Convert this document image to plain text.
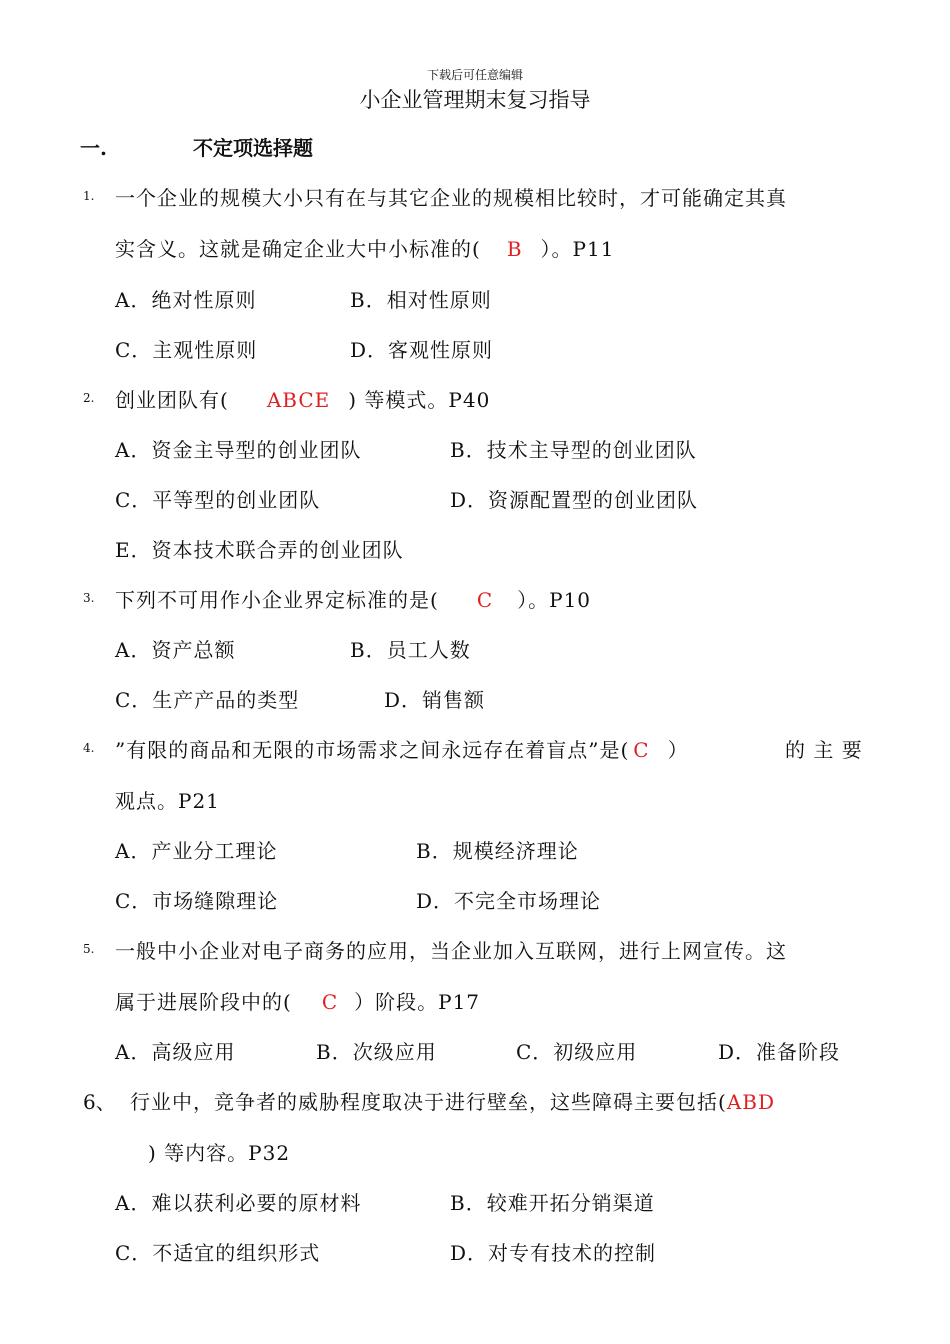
下载后可任意编辑
小企业管理期末复习指导
一.	不定项选择题
1. 一个企业的规模大小只有在与其它企业的规模相比较时，才可能确定其真
实含义。这就是确定企业大中小标准的( B ）。P11
A．绝对性原则	B．相对性原则
C．主观性原则	D．客观性原则
2. 创业团队有( ABCE ) 等模式。P40
A．资金主导型的创业团队	B．技术主导型的创业团队
C．平等型的创业团队	D．资源配置型的创业团队
E．资本技术联合弄的创业团队
3. 下列不可用作小企业界定标准的是( C ）。P10
A．资产总额	B．员工人数
C．生产产品的类型	D．销售额
4. ”有限的商品和无限的市场需求之间永远存在着盲点”是( C ）	的 主 要
观点。P21
A．产业分工理论	B．规模经济理论
C．市场缝隙理论	D．不完全市场理论
5. 一般中小企业对电子商务的应用，当企业加入互联网，进行上网宣传。这
属于进展阶段中的( C ）阶段。P17
A．高级应用	B．次级应用	C．初级应用	D．准备阶段
6、 行业中，竞争者的威胁程度取决于进行壁垒，这些障碍主要包括(ABD
) 等内容。P32
A．难以获利必要的原材料	B．较难开拓分销渠道
C．不适宜的组织形式	D．对专有技术的控制
